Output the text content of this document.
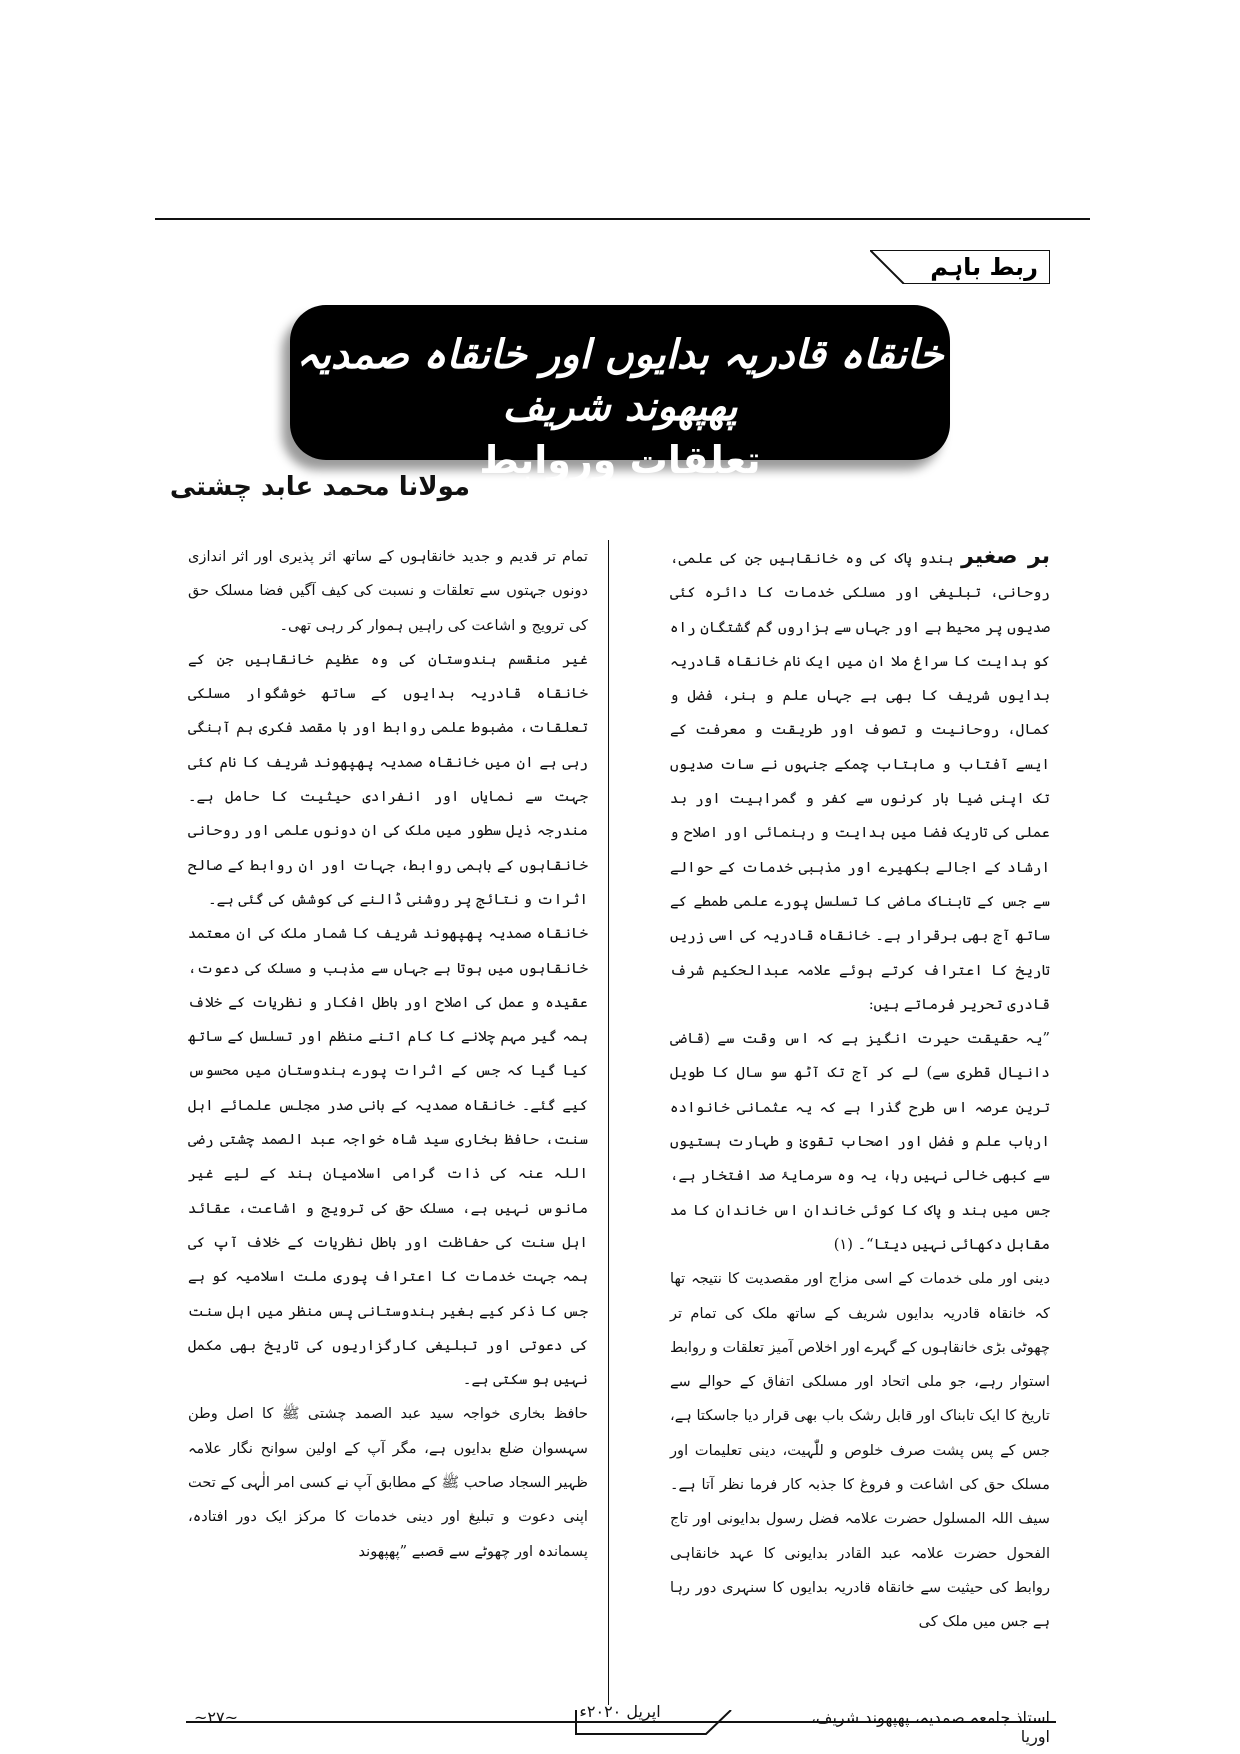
ربط باہم
خانقاہ قادریہ بدایوں اور خانقاہ صمدیہ پھپھوند شریف
تعلقات وروابط
مولانا محمد عابد چشتی

بر صغیر ہندو پاک کی وہ خانقاہیں جن کی علمی، روحانی، تبلیغی اور مسلکی خدمات کا دائرہ کئی صدیوں پر محیط ہے اور جہاں سے ہزاروں گم گشتگان راہ کو ہدایت کا سراغ ملا ان میں ایک نام خانقاہ قادریہ بدایوں شریف کا بھی ہے جہاں علم و ہنر، فضل و کمال، روحانیت و تصوف اور طریقت و معرفت کے ایسے آفتاب و ماہتاب چمکے جنہوں نے سات صدیوں تک اپنی ضیا بار کرنوں سے کفر و گمراہیت اور بد عملی کی تاریک فضا میں ہدایت و رہنمائی اور اصلاح و ارشاد کے اجالے بکھیرے اور مذہبی خدمات کے حوالے سے جس کے تابناک ماضی کا تسلسل پورے علمی طمطے کے ساتھ آج بھی برقرار ہے۔ خانقاہ قادریہ کی اسی زریں تاریخ کا اعتراف کرتے ہوئے علامہ عبدالحکیم شرف قادری تحریر فرماتے ہیں:

”یہ حقیقت حیرت انگیز ہے کہ اس وقت سے (قاضی دانیال قطری سے) لے کر آج تک آٹھ سو سال کا طویل ترین عرصہ اس طرح گذرا ہے کہ یہ عثمانی خانوادہ ارباب علم و فضل اور اصحاب تقویٰ و طہارت ہستیوں سے کبھی خالی نہیں رہا، یہ وہ سرمایۂ صد افتخار ہے، جس میں ہند و پاک کا کوئی خاندان اس خاندان کا مد مقابل دکھائی نہیں دیتا“۔ (۱)

دینی اور ملی خدمات کے اسی مزاج اور مقصدیت کا نتیجہ تھا کہ خانقاہ قادریہ بدایوں شریف کے ساتھ ملک کی تمام تر چھوٹی بڑی خانقاہوں کے گہرے اور اخلاص آمیز تعلقات و روابط استوار رہے، جو ملی اتحاد اور مسلکی اتفاق کے حوالے سے تاریخ کا ایک تابناک اور قابل رشک باب بھی قرار دیا جاسکتا ہے، جس کے پس پشت صرف خلوص و للّٰہیت، دینی تعلیمات اور مسلک حق کی اشاعت و فروغ کا جذبہ کار فرما نظر آتا ہے۔ سیف اللہ المسلول حضرت علامہ فضل رسول بدایونی اور تاج الفحول حضرت علامہ عبد القادر بدایونی کا عہد خانقاہی روابط کی حیثیت سے خانقاہ قادریہ بدایوں کا سنہری دور رہا ہے جس میں ملک کی

تمام تر قدیم و جدید خانقاہوں کے ساتھ اثر پذیری اور اثر اندازی دونوں جہتوں سے تعلقات و نسبت کی کیف آگیں فضا مسلک حق کی ترویج و اشاعت کی راہیں ہموار کر رہی تھی۔

غیر منقسم ہندوستان کی وہ عظیم خانقاہیں جن کے خانقاہ قادریہ بدایوں کے ساتھ خوشگوار مسلکی تعلقات، مضبوط علمی روابط اور با مقصد فکری ہم آہنگی رہی ہے ان میں خانقاہ صمدیہ پھپھوند شریف کا نام کئی جہت سے نمایاں اور انفرادی حیثیت کا حامل ہے۔ مندرجہ ذیل سطور میں ملک کی ان دونوں علمی اور روحانی خانقاہوں کے باہمی روابط، جہات اور ان روابط کے صالح اثرات و نتائج پر روشنی ڈالنے کی کوشش کی گئی ہے۔

خانقاہ صمدیہ پھپھوند شریف کا شمار ملک کی ان معتمد خانقاہوں میں ہوتا ہے جہاں سے مذہب و مسلک کی دعوت، عقیدہ و عمل کی اصلاح اور باطل افکار و نظریات کے خلاف ہمہ گیر مہم چلانے کا کام اتنے منظم اور تسلسل کے ساتھ کیا گیا کہ جس کے اثرات پورے ہندوستان میں محسوس کیے گئے۔ خانقاہ صمدیہ کے بانی صدر مجلس علمائے اہل سنت، حافظ بخاری سید شاہ خواجہ عبد الصمد چشتی رضی اللہ عنہ کی ذات گرامی اسلامیان ہند کے لیے غیر مانوس نہیں ہے، مسلک حق کی ترویج و اشاعت، عقائد اہل سنت کی حفاظت اور باطل نظریات کے خلاف آپ کی ہمہ جہت خدمات کا اعتراف پوری ملت اسلامیہ کو ہے جس کا ذکر کیے بغیر ہندوستانی پس منظر میں اہل سنت کی دعوتی اور تبلیغی کارگزاریوں کی تاریخ بھی مکمل نہیں ہو سکتی ہے۔

حافظ بخاری خواجہ سید عبد الصمد چشتی ﷺ کا اصل وطن سہسوان ضلع بدایوں ہے، مگر آپ کے اولین سوانح نگار علامہ ظہیر السجاد صاحب ﷺ کے مطابق آپ نے کسی امر الٰہی کے تحت اپنی دعوت و تبلیغ اور دینی خدمات کا مرکز ایک دور افتادہ، پسماندہ اور چھوٹے سے قصبے ”پھپھوند

استاذ جامعہ صمدیہ، پھپھوند شریف، اوریا
اپریل ۲۰۲۰ء
~۲۷~
